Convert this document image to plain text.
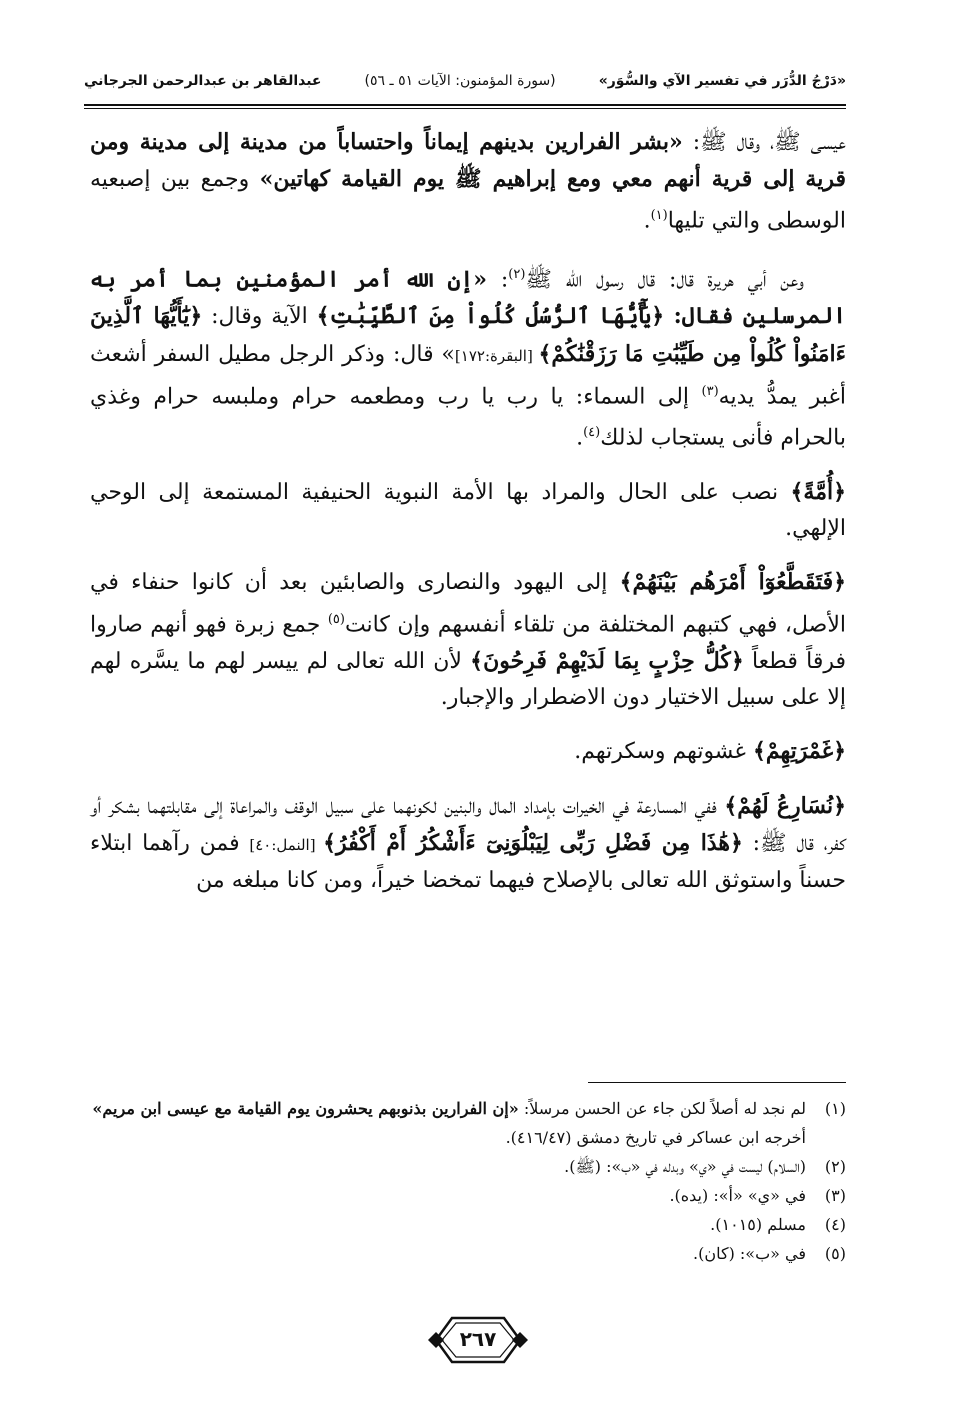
«دَرْجُ الدُّرَر في تفسير الآي والسُّوَر»
(سورة المؤمنون: الآيات ٥١ ـ ٥٦)
عبدالقاهر بن عبدالرحمن الجرجاني

عيسى ﷺ، وقال ﷺ: «بشر الفرارين بدينهم إيماناً واحتساباً من مدينة إلى مدينة ومن قرية إلى قرية أنهم معي ومع إبراهيم ﷺ يوم القيامة كهاتين» وجمع بين إصبعيه الوسطى والتي تليها$^{(١)}$.

وعن أبي هريرة قال: قال رسول الله ﷺ$^{(٢)}$: «إن الله أمر المؤمنين بما أمر به المرسلين فقال: ﴿يَٰٓأَيُّهَا ٱلرُّسُلُ كُلُواْ مِنَ ٱلطَّيِّبَٰتِ﴾ الآية وقال: ﴿يَٰٓأَيُّهَا ٱلَّذِينَ ءَامَنُواْ كُلُواْ مِن طَيِّبَٰتِ مَا رَزَقْنَٰكُمْ﴾ [البقرة:١٧٢]» قال: وذكر الرجل مطيل السفر أشعث أغبر يمدُّ يديه$^{(٣)}$ إلى السماء: يا رب يا رب ومطعمه حرام وملبسه حرام وغذي بالحرام فأنى يستجاب لذلك$^{(٤)}$.

﴿أُمَّةً﴾ نصب على الحال والمراد بها الأمة النبوية الحنيفية المستمعة إلى الوحي الإلهي.

﴿فَتَقَطَّعُوٓاْ أَمْرَهُم بَيْنَهُمْ﴾ إلى اليهود والنصارى والصابئين بعد أن كانوا حنفاء في الأصل، فهي كتبهم المختلفة من تلقاء أنفسهم وإن كانت$^{(٥)}$ جمع زبرة فهو أنهم صاروا فرقاً قطعاً ﴿كُلُّ حِزْبٍ بِمَا لَدَيْهِمْ فَرِحُونَ﴾ لأن الله تعالى لم ييسر لهم ما يسَّره لهم إلا على سبيل الاختيار دون الاضطرار والإجبار.

﴿غَمْرَتِهِمْ﴾ غشوتهم وسكرتهم.

﴿نُسَارِعُ لَهُمْ﴾ ففي المسارعة في الخيرات بإمداد المال والبنين لكونهما على سبيل الوقف والمراعاة إلى مقابلتهما بشكر أو كفر، قال ﷺ: ﴿هَٰذَا مِن فَضْلِ رَبِّى لِيَبْلُوَنِىٓ ءَأَشْكُرُ أَمْ أَكْفُرُ﴾ [النمل:٤٠] فمن رآهما ابتلاء حسناً واستوثق الله تعالى بالإصلاح فيهما تمخضا خيراً، ومن كانا مبلغه من

(١)
لم نجد له أصلاً لكن جاء عن الحسن مرسلاً: «إن الفرارين بذنوبهم يحشرون يوم القيامة مع عيسى ابن مريم» أخرجه ابن عساكر في تاريخ دمشق (٤١٦/٤٧).
(٢)
(السلام) ليست في «ي» وبدله في «ب»: (ﷺ).
(٣)
في «ي» «أ»: (يده).
(٤)
مسلم (١٠١٥).
(٥)
في «ب»: (كان).
٢٦٧
